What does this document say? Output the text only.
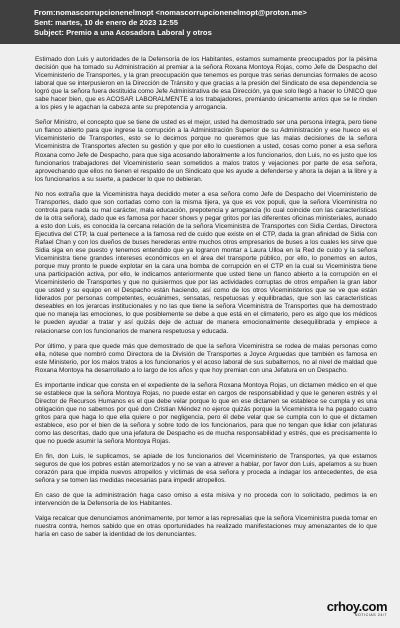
From:nomascorrupcionenelmopt <nomascorrupcionenelmopt@proton.me>
Sent: martes, 10 de enero de 2023 12:55
Subject: Premio a una Acosadora Laboral y otros

Estimado don Luis y autoridades de la Defensoría de los Habitantes, estamos sumamente preocupados por la pésima decisión que ha tomado su Administración al premiar a la señora Roxana Montoya Rojas, como Jefe de Despacho del Viceministerio de Transportes, y la gran preocupación que tenemos es porque tras serias denuncias formales de acoso laboral que se interpusieron en la Dirección de Tránsito y que gracias a la presión del Sindicato de esa dependencia se logró que la señora fuera destituida como Jefe Administrativa de esa Dirección, ya que solo llegó a hacer lo ÚNICO que sabe hacer bien, que es ACOSAR LABORALMENTE a los trabajadores, premiando únicamente anlos que se le rinden a los pies y le agachan la cabeza ante su prepotencia y arrogancia.

Señor Ministro, el concepto que se tiene de usted es el mejor, usted ha demostrado ser una persona íntegra, pero tiene un flanco abierto para que ingrese la corrupción a la Administración Superior de su Administración y ese hueco es el Viceministerio de Transportes, esto se lo decimos porque no queremos que las malas decisiones de la señora Viceministra de Transportes afecten su gestión y que por ello lo cuestionen a usted, cosas como poner a esa señora Roxana como Jefe de Despacho, para que siga acosando laboralmente a los funcionarios, don Luis, no es justo que los funcionarios trabajadores del Viceministerio sean sometidos a malos tratos y vejaciones por parte de esa señora, aprovechando que ellos no tienen el respaldo de un Sindicato que les ayude a defenderse y ahora la dejan a la libre y a los funcionarios a su suerte, a padecer lo que no debieran.

No nos extraña que la Viceministra haya decidido meter a esa señora como Jefe de Despacho del Viceministerio de Transportes, dado que son cortadas como con la misma tijera, ya que es vox populi, que la señora Viceministra no controla para nada su mal carácter, mala educación, prepotencia y arrogancia (lo cual coincide con las características de la otra señora), dado que es famosa por hacer shows y pegar gritos por las diferentes oficinas ministeriales, aunado a esto don Luis, es conocida la cercana relación de la señora Viceministra de Transportes con Sidia Cerdas, Directora Ejecutiva del CTP, la cual pertenece a la famosa red de cuido que existe en el CTP, dada la gran afinidad de Sidia con Rafael Chan y con los dueños de buses herederas entre muchos otros empresarios de buses a los cuales les sirve que Sidia siga en ese puesto y tenemos entendido que ya lograron montar a Laura Ulloa en la Red de cuido y la señora Viceministra tiene grandes intereses económicos en el área del transporte público, por ello, lo ponemos en autos, porque muy pronto le puede explotar en la cara una bomba de corrupción en el CTP en la cual su Viceministra tiene una participación activa, por ello, le indicamos anteriormente que usted tiene un flanco abierto a la corrupción en el Viceministerio de Transportes y que no quisiermos que por las actividades corruptas de otros empañen la gran labor que usted y su equipo en el Despacho están haciendo, así como de los otros Viceministerios que se ve que están liderados por personas competentes, ecuánimes, sensatas, respetuosas y equilibradas, que son las características deseables en los jerarcas institucionales y no las que tiene la señora Viceministra de Transportes que ha demostrado que no maneja las emociones, lo que posiblemente se debe a que está en el climaterio, pero es algo que los médicos le pueden ayudar a tratar y así quizás deje de actuar de manera emocionalmente desequilibrada y empiece a relacionarse con los funcionarios de manera respetuosa y educada.

Por último, y para que quede más que demostrado de que la señora Viceministra se rodea de malas personas como ella, nótese que nombró como Directora de la División de Transportes a Joyce Arguedas que también es famosa en este Ministerio, por los malos tratos a los funcionarios y el acoso laboral de sus subalternos, no al nivel de maldad que Roxana Montoya ha desarrollado a lo largo de los años y que hoy premian con una Jefatura en un Despacho.

Es importante indicar que consta en el expediente de la señora Roxana Montoya Rojas, un dictamen médico en el que se establece que la señora Montoya Rojas, no puede estar en cargos de responsabilidad y que le generen estrés y el Director de Recursos Humanos es el que debe velar porque lo que en ese dictamen se establece se cumpla y es una obligación que no sabemos por qué don Cristian Méndez no ejerce quizás porque la Viceministra le ha pegado cuatro gritos para que haga lo que ella quiere o por negligencia, pero él debe velar que se cumpla con lo que el dictamen establece, eso por el bien de la señora y sobre todo de los funcionarios, para que no tengan que lidiar con jefaturas como las descritas, dado que una jefatura de Despacho es de mucha responsabilidad y estrés, que es precisamente lo que no puede asumir la señora Montoya Rojas.

En fin, don Luis, le suplicamos, se apiade de los funcionarios del Viceministerio de Transportes, ya que estamos seguros de que los pobres están atemorizados y no se van a atrever a hablar, por favor don Luis, apelamos a su buen corazón para que impida nuevos atropellos y víctimas de esa señora y proceda a indagar los antecedentes, de esa señora y se tomen las medidas necesarias para impedir atropellos.

En caso de que la administración haga caso omiso a esta misiva y no proceda con lo solicitado, pedimos la en intervención de la Defensoría de los Habitantes.

Valga recalcar que denunciamos anónimamente, por temor a las represalias que la señora Viceministra pueda tomar en nuestra contra, hemos sabido que en otras oportunidades ha realizado manifestaciones muy amenazantes de lo que haría en caso de saber la identidad de los denunciantes.

crhoy.com
NOTICIAS 24/7
